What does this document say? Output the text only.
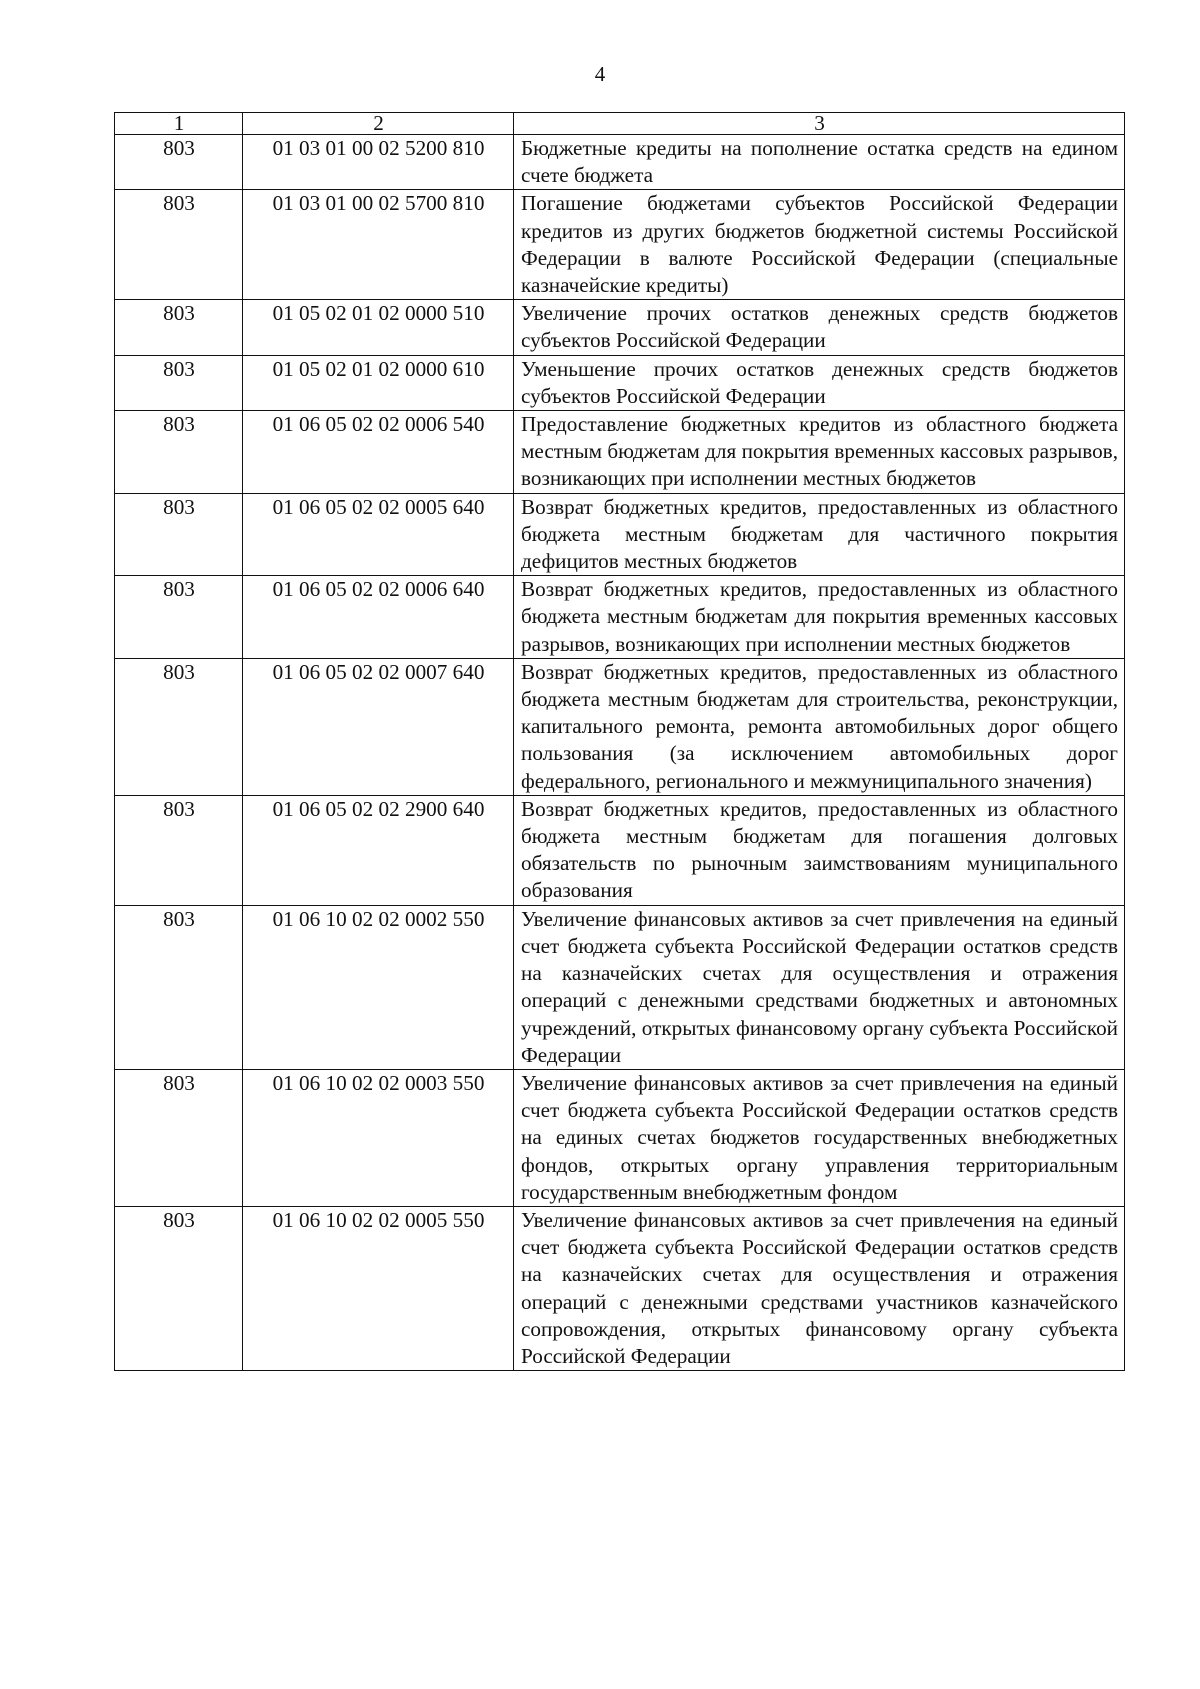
4
1	2	3
803	01 03 01 00 02 5200 810	Бюджетные кредиты на пополнение остатка средств на едином счете бюджета
803	01 03 01 00 02 5700 810	Погашение бюджетами субъектов Российской Федерации кредитов из других бюджетов бюджетной системы Российской Федерации в валюте Российской Федерации (специальные казначейские кредиты)
803	01 05 02 01 02 0000 510	Увеличение прочих остатков денежных средств бюджетов субъектов Российской Федерации
803	01 05 02 01 02 0000 610	Уменьшение прочих остатков денежных средств бюджетов субъектов Российской Федерации
803	01 06 05 02 02 0006 540	Предоставление бюджетных кредитов из областного бюджета местным бюджетам для покрытия временных кассовых разрывов, возникающих при исполнении местных бюджетов
803	01 06 05 02 02 0005 640	Возврат бюджетных кредитов, предоставленных из областного бюджета местным бюджетам для частичного покрытия дефицитов местных бюджетов
803	01 06 05 02 02 0006 640	Возврат бюджетных кредитов, предоставленных из областного бюджета местным бюджетам для покрытия временных кассовых разрывов, возникающих при исполнении местных бюджетов
803	01 06 05 02 02 0007 640	Возврат бюджетных кредитов, предоставленных из областного бюджета местным бюджетам для строительства, реконструкции, капитального ремонта, ремонта автомобильных дорог общего пользования (за исключением автомобильных дорог федерального, регионального и межмуниципального значения)
803	01 06 05 02 02 2900 640	Возврат бюджетных кредитов, предоставленных из областного бюджета местным бюджетам для погашения долговых обязательств по рыночным заимствованиям муниципального образования
803	01 06 10 02 02 0002 550	Увеличение финансовых активов за счет привлечения на единый счет бюджета субъекта Российской Федерации остатков средств на казначейских счетах для осуществления и отражения операций с денежными средствами бюджетных и автономных учреждений, открытых финансовому органу субъекта Российской Федерации
803	01 06 10 02 02 0003 550	Увеличение финансовых активов за счет привлечения на единый счет бюджета субъекта Российской Федерации остатков средств на единых счетах бюджетов государственных внебюджетных фондов, открытых органу управления территориальным государственным внебюджетным фондом
803	01 06 10 02 02 0005 550	Увеличение финансовых активов за счет привлечения на единый счет бюджета субъекта Российской Федерации остатков средств на казначейских счетах для осуществления и отражения операций с денежными средствами участников казначейского сопровождения, открытых финансовому органу субъекта Российской Федерации
